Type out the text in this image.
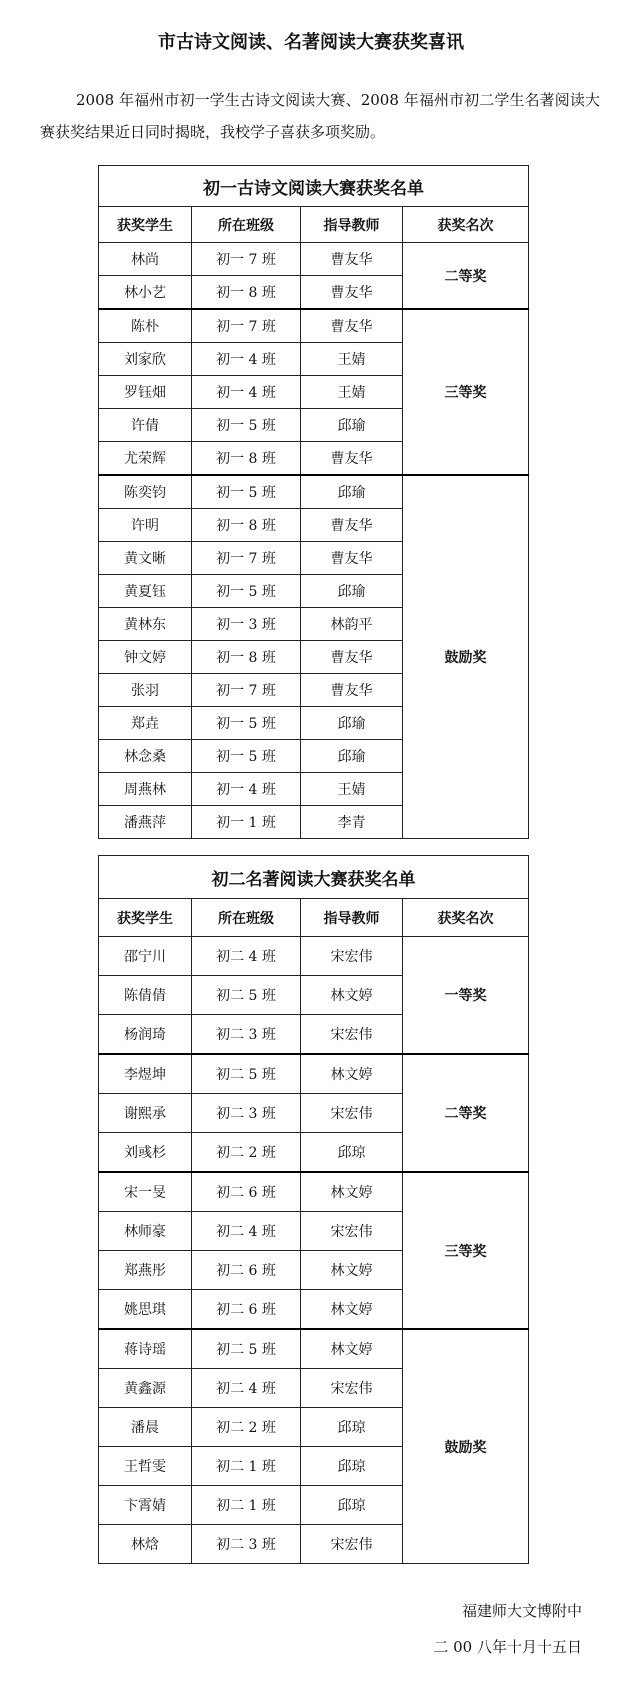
市古诗文阅读、名著阅读大赛获奖喜讯

2008 年福州市初一学生古诗文阅读大赛、2008 年福州市初二学生名著阅读大赛获奖结果近日同时揭晓，我校学子喜获多项奖励。

初一古诗文阅读大赛获奖名单			
获奖学生	所在班级	指导教师	获奖名次
林尚	初一 7 班	曹友华	二等奖
林小艺	初一 8 班	曹友华	
陈朴	初一 7 班	曹友华	三等奖
刘家欣	初一 4 班	王婧	
罗钰畑	初一 4 班	王婧	
许倩	初一 5 班	邱瑜	
尤荣辉	初一 8 班	曹友华	
陈奕钧	初一 5 班	邱瑜	鼓励奖
许明	初一 8 班	曹友华	
黄文晰	初一 7 班	曹友华	
黄夏钰	初一 5 班	邱瑜	
黄林东	初一 3 班	林韵平	
钟文婷	初一 8 班	曹友华	
张羽	初一 7 班	曹友华	
郑垚	初一 5 班	邱瑜	
林念桑	初一 5 班	邱瑜	
周燕林	初一 4 班	王婧	
潘燕萍	初一 1 班	李青	
初二名著阅读大赛获奖名单			
获奖学生	所在班级	指导教师	获奖名次
邵宁川	初二 4 班	宋宏伟	一等奖
陈倩倩	初二 5 班	林文婷	
杨润琦	初二 3 班	宋宏伟	
李煜坤	初二 5 班	林文婷	二等奖
谢熙承	初二 3 班	宋宏伟	
刘彧杉	初二 2 班	邱琼	
宋一旻	初二 6 班	林文婷	三等奖
林师豪	初二 4 班	宋宏伟	
郑燕彤	初二 6 班	林文婷	
姚思琪	初二 6 班	林文婷	
蒋诗瑶	初二 5 班	林文婷	鼓励奖
黄鑫源	初二 4 班	宋宏伟	
潘晨	初二 2 班	邱琼	
王哲雯	初二 1 班	邱琼	
卞霄婧	初二 1 班	邱琼	
林焓	初二 3 班	宋宏伟	
福建师大文博附中
二 00 八年十月十五日
